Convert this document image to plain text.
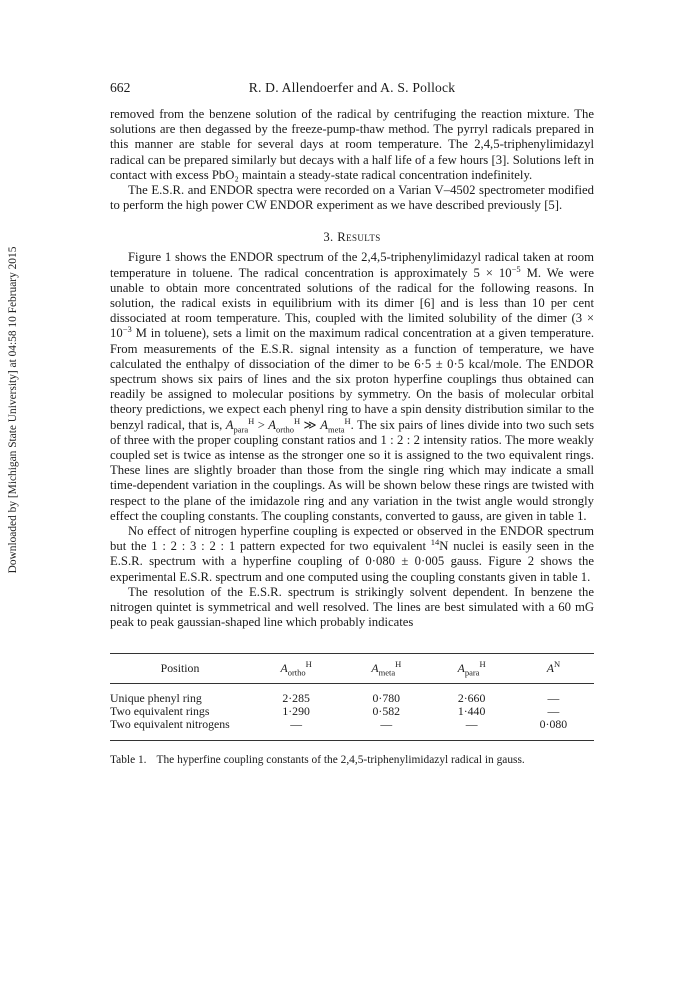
Downloaded by [Michigan State University] at 04:58 10 February 2015
662	R. D. Allendoerfer and A. S. Pollock

removed from the benzene solution of the radical by centrifuging the reaction mixture. The solutions are then degassed by the freeze-pump-thaw method. The pyrryl radicals prepared in this manner are stable for several days at room temperature. The 2,4,5-triphenylimidazyl radical can be prepared similarly but decays with a half life of a few hours [3]. Solutions left in contact with excess PbO₂ maintain a steady-state radical concentration indefinitely.

The E.S.R. and ENDOR spectra were recorded on a Varian V–4502 spectrometer modified to perform the high power CW ENDOR experiment as we have described previously [5].

3. Results

Figure 1 shows the ENDOR spectrum of the 2,4,5-triphenylimidazyl radical taken at room temperature in toluene. The radical concentration is approximately $5 \times 10^{-5}$ M. We were unable to obtain more concentrated solutions of the radical for the following reasons. In solution, the radical exists in equilibrium with its dimer [6] and is less than 10 per cent dissociated at room temperature. This, coupled with the limited solubility of the dimer ($3 \times 10^{-3}$ M in toluene), sets a limit on the maximum radical concentration at a given temperature. From measurements of the E.S.R. signal intensity as a function of temperature, we have calculated the enthalpy of dissociation of the dimer to be 6·5 ± 0·5 kcal/mole. The ENDOR spectrum shows six pairs of lines and the six proton hyperfine couplings thus obtained can readily be assigned to molecular positions by symmetry. On the basis of molecular orbital theory predictions, we expect each phenyl ring to have a spin density distribution similar to the benzyl radical, that is, $A_{para}^H > A_{ortho}^H$ ≫ $A_{meta}^H$. The six pairs of lines divide into two such sets of three with the proper coupling constant ratios and 1 : 2 : 2 intensity ratios. The more weakly coupled set is twice as intense as the stronger one so it is assigned to the two equivalent rings. These lines are slightly broader than those from the single ring which may indicate a small time-dependent variation in the couplings. As will be shown below these rings are twisted with respect to the plane of the imidazole ring and any variation in the twist angle would strongly effect the coupling constants. The coupling constants, converted to gauss, are given in table 1.

No effect of nitrogen hyperfine coupling is expected or observed in the ENDOR spectrum but the 1 : 2 : 3 : 2 : 1 pattern expected for two equivalent $^{14}$N nuclei is easily seen in the E.S.R. spectrum with a hyperfine coupling of 0·080 ± 0·005 gauss. Figure 2 shows the experimental E.S.R. spectrum and one computed using the coupling constants given in table 1.

The resolution of the E.S.R. spectrum is strikingly solvent dependent. In benzene the nitrogen quintet is symmetrical and well resolved. The lines are best simulated with a 60 mG peak to peak gaussian-shaped line which probably indicates

Position	$A_{ortho}^H$	$A_{meta}^H$	$A_{para}^H$	$A^N$
Unique phenyl ring	2·285	0·780	2·660	—
Two equivalent rings	1·290	0·582	1·440	—
Two equivalent nitrogens	—	—	—	0·080
Table 1. The hyperfine coupling constants of the 2,4,5-triphenylimidazyl radical in gauss.
